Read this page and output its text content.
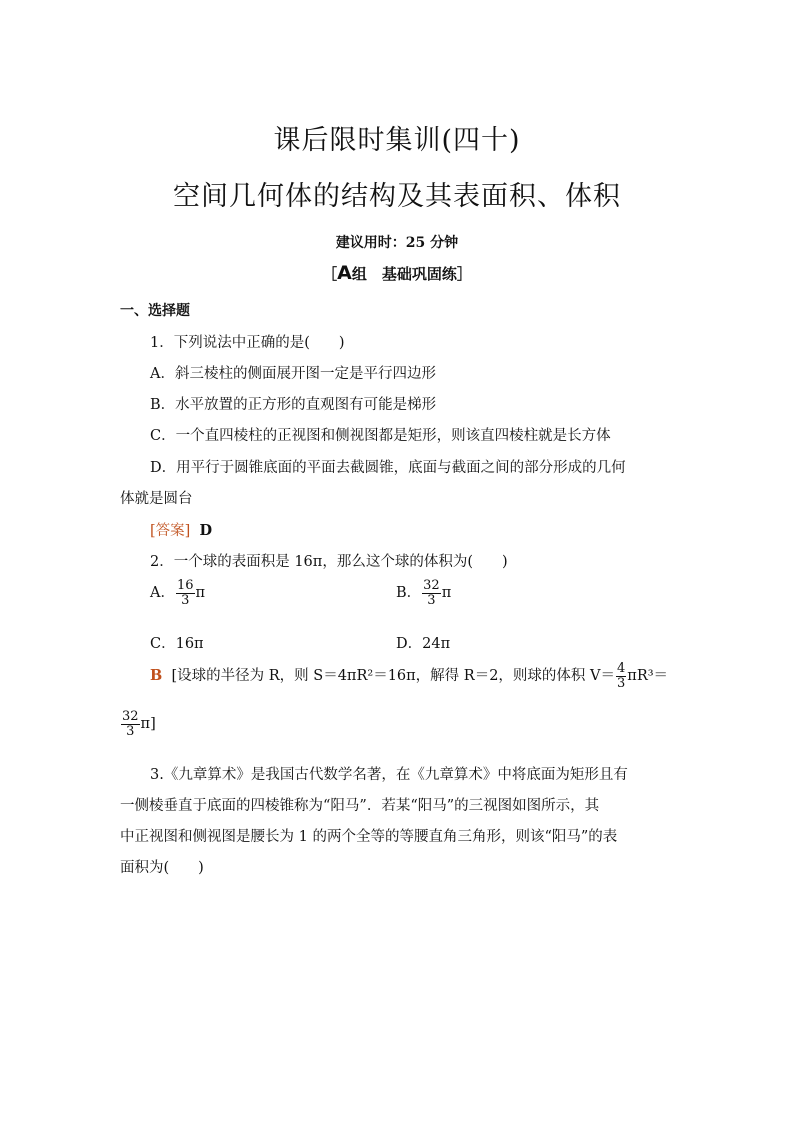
课后限时集训(四十)
空间几何体的结构及其表面积、体积
建议用时：25 分钟
［A组　基础巩固练］
一、选择题
1．下列说法中正确的是(　　)
A．斜三棱柱的侧面展开图一定是平行四边形
B．水平放置的正方形的直观图有可能是梯形
C．一个直四棱柱的正视图和侧视图都是矩形，则该直四棱柱就是长方体
D．用平行于圆锥底面的平面去截圆锥，底面与截面之间的部分形成的几何
体就是圆台
[答案] D
2．一个球的表面积是 16π，那么这个球的体积为(　　)
A． $\frac{16}{3}$ π	B． $\frac{32}{3}$ π
C．16π	D．24π
B [设球的半径为 R，则 S＝4πR²＝16π，解得 R＝2，则球的体积 $V= \frac{4}{3} \pi R^3=$
$\frac{32}{3} \pi$]
3.《九章算术》是我国古代数学名著，在《九章算术》中将底面为矩形且有
一侧棱垂直于底面的四棱锥称为“阳马”．若某“阳马”的三视图如图所示，其
中正视图和侧视图是腰长为 1 的两个全等的等腰直角三角形，则该“阳马”的表
面积为(　　)
